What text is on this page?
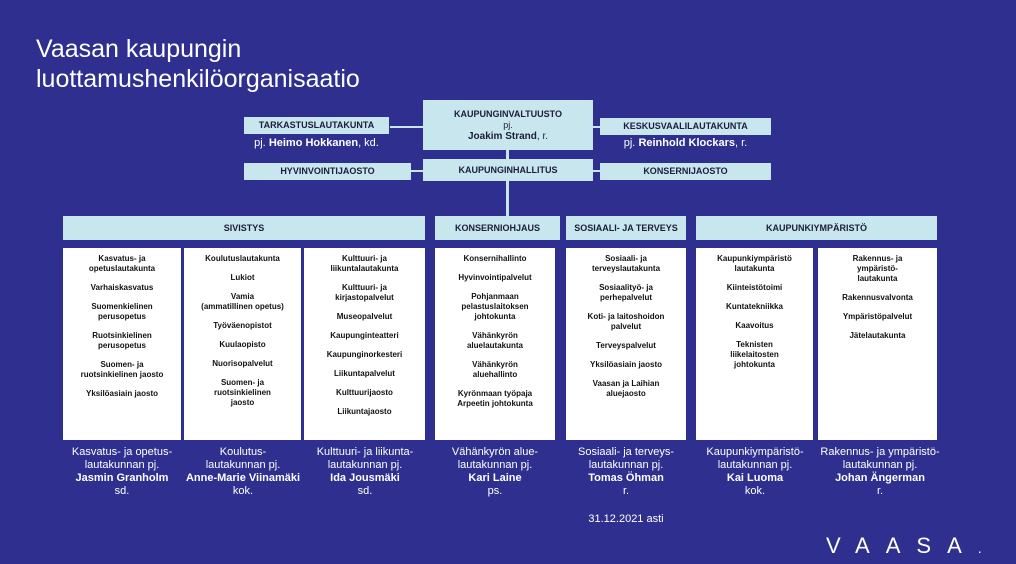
Vaasan kaupungin
luottamushenkilöorganisaatio
KAUPUNGINVALTUUSTO
pj.
Joakim Strand, r.
TARKASTUSLAUTAKUNTA
pj. Heimo Hokkanen, kd.
KESKUSVAALILAUTAKUNTA
pj. Reinhold Klockars, r.
KAUPUNGINHALLITUS
HYVINVOINTIJAOSTO	KONSERNIJAOSTO
SIVISTYS	KONSERNIOHJAUS	SOSIAALI- JA TERVEYS	KAUPUNKIYMPÄRISTÖ
Kasvatus- ja
opetuslautakunta
Varhaiskasvatus
Suomenkielinen
perusopetus
Ruotsinkielinen
perusopetus
Suomen- ja
ruotsinkielinen jaosto
Yksilöasiain jaosto
Koulutuslautakunta
Lukiot
Vamia
(ammatillinen opetus)
Työväenopistot
Kuulaopisto
Nuorisopalvelut
Suomen- ja
ruotsinkielinen
jaosto
Kulttuuri- ja
liikuntalautakunta
Kulttuuri- ja
kirjastopalvelut
Museopalvelut
Kaupunginteatteri
Kaupunginorkesteri
Liikuntapalvelut
Kulttuurijaosto
Liikuntajaosto
Konsernihallinto
Hyvinvointipalvelut
Pohjanmaan
pelastuslaitoksen
johtokunta
Vähänkyrön
aluelautakunta
Vähänkyrön
aluehallinto
Kyrönmaan työpaja
Arpeetin johtokunta
Sosiaali- ja
terveyslautakunta
Sosiaalityö- ja
perhepalvelut
Koti- ja laitoshoidon
palvelut
Terveyspalvelut
Yksilöasiain jaosto
Vaasan ja Laihian
aluejaosto
Kaupunkiympäristö
lautakunta
Kiinteistötoimi
Kuntatekniikka
Kaavoitus
Teknisten
liikelaitosten
johtokunta
Rakennus- ja
ympäristö-
lautakunta
Rakennusvalvonta
Ympäristöpalvelut
Jätelautakunta
Kasvatus- ja opetus-
lautakunnan pj.
Jasmin Granholm
sd.
Koulutus-
lautakunnan pj.
Anne-Marie Viinamäki
kok.
Kulttuuri- ja liikunta-
lautakunnan pj.
Ida Jousmäki
sd.
Vähänkyrön alue-
lautakunnan pj.
Kari Laine
ps.
Sosiaali- ja terveys-
lautakunnan pj.
Tomas Öhman
r.
Kaupunkiympäristö-
lautakunnan pj.
Kai Luoma
kok.
Rakennus- ja ympäristö-
lautakunnan pj.
Johan Ängerman
r.
31.12.2021 asti
VAASA.
